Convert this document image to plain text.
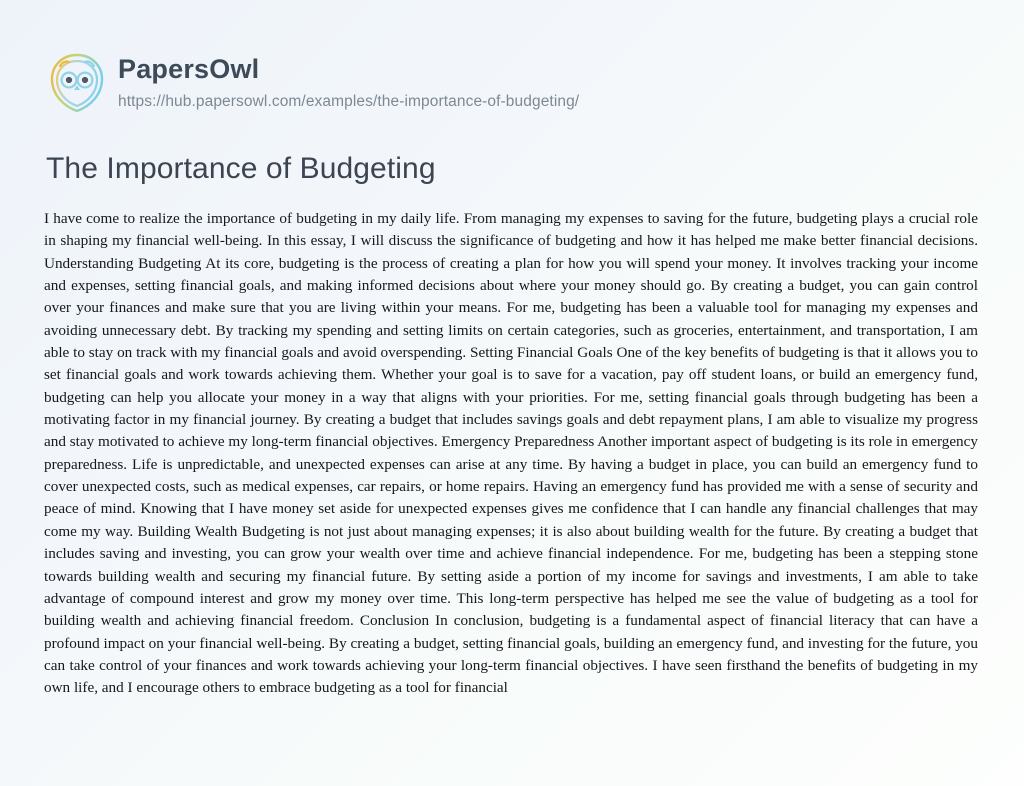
PapersOwl
https://hub.papersowl.com/examples/the-importance-of-budgeting/
The Importance of Budgeting
I have come to realize the importance of budgeting in my daily life. From managing my expenses to saving for the future, budgeting plays a crucial role in shaping my financial well-being. In this essay, I will discuss the significance of budgeting and how it has helped me make better financial decisions. Understanding Budgeting At its core, budgeting is the process of creating a plan for how you will spend your money. It involves tracking your income and expenses, setting financial goals, and making informed decisions about where your money should go. By creating a budget, you can gain control over your finances and make sure that you are living within your means. For me, budgeting has been a valuable tool for managing my expenses and avoiding unnecessary debt. By tracking my spending and setting limits on certain categories, such as groceries, entertainment, and transportation, I am able to stay on track with my financial goals and avoid overspending. Setting Financial Goals One of the key benefits of budgeting is that it allows you to set financial goals and work towards achieving them. Whether your goal is to save for a vacation, pay off student loans, or build an emergency fund, budgeting can help you allocate your money in a way that aligns with your priorities. For me, setting financial goals through budgeting has been a motivating factor in my financial journey. By creating a budget that includes savings goals and debt repayment plans, I am able to visualize my progress and stay motivated to achieve my long-term financial objectives. Emergency Preparedness Another important aspect of budgeting is its role in emergency preparedness. Life is unpredictable, and unexpected expenses can arise at any time. By having a budget in place, you can build an emergency fund to cover unexpected costs, such as medical expenses, car repairs, or home repairs. Having an emergency fund has provided me with a sense of security and peace of mind. Knowing that I have money set aside for unexpected expenses gives me confidence that I can handle any financial challenges that may come my way. Building Wealth Budgeting is not just about managing expenses; it is also about building wealth for the future. By creating a budget that includes saving and investing, you can grow your wealth over time and achieve financial independence. For me, budgeting has been a stepping stone towards building wealth and securing my financial future. By setting aside a portion of my income for savings and investments, I am able to take advantage of compound interest and grow my money over time. This long-term perspective has helped me see the value of budgeting as a tool for building wealth and achieving financial freedom. Conclusion In conclusion, budgeting is a fundamental aspect of financial literacy that can have a profound impact on your financial well-being. By creating a budget, setting financial goals, building an emergency fund, and investing for the future, you can take control of your finances and work towards achieving your long-term financial objectives. I have seen firsthand the benefits of budgeting in my own life, and I encourage others to embrace budgeting as a tool for financial
